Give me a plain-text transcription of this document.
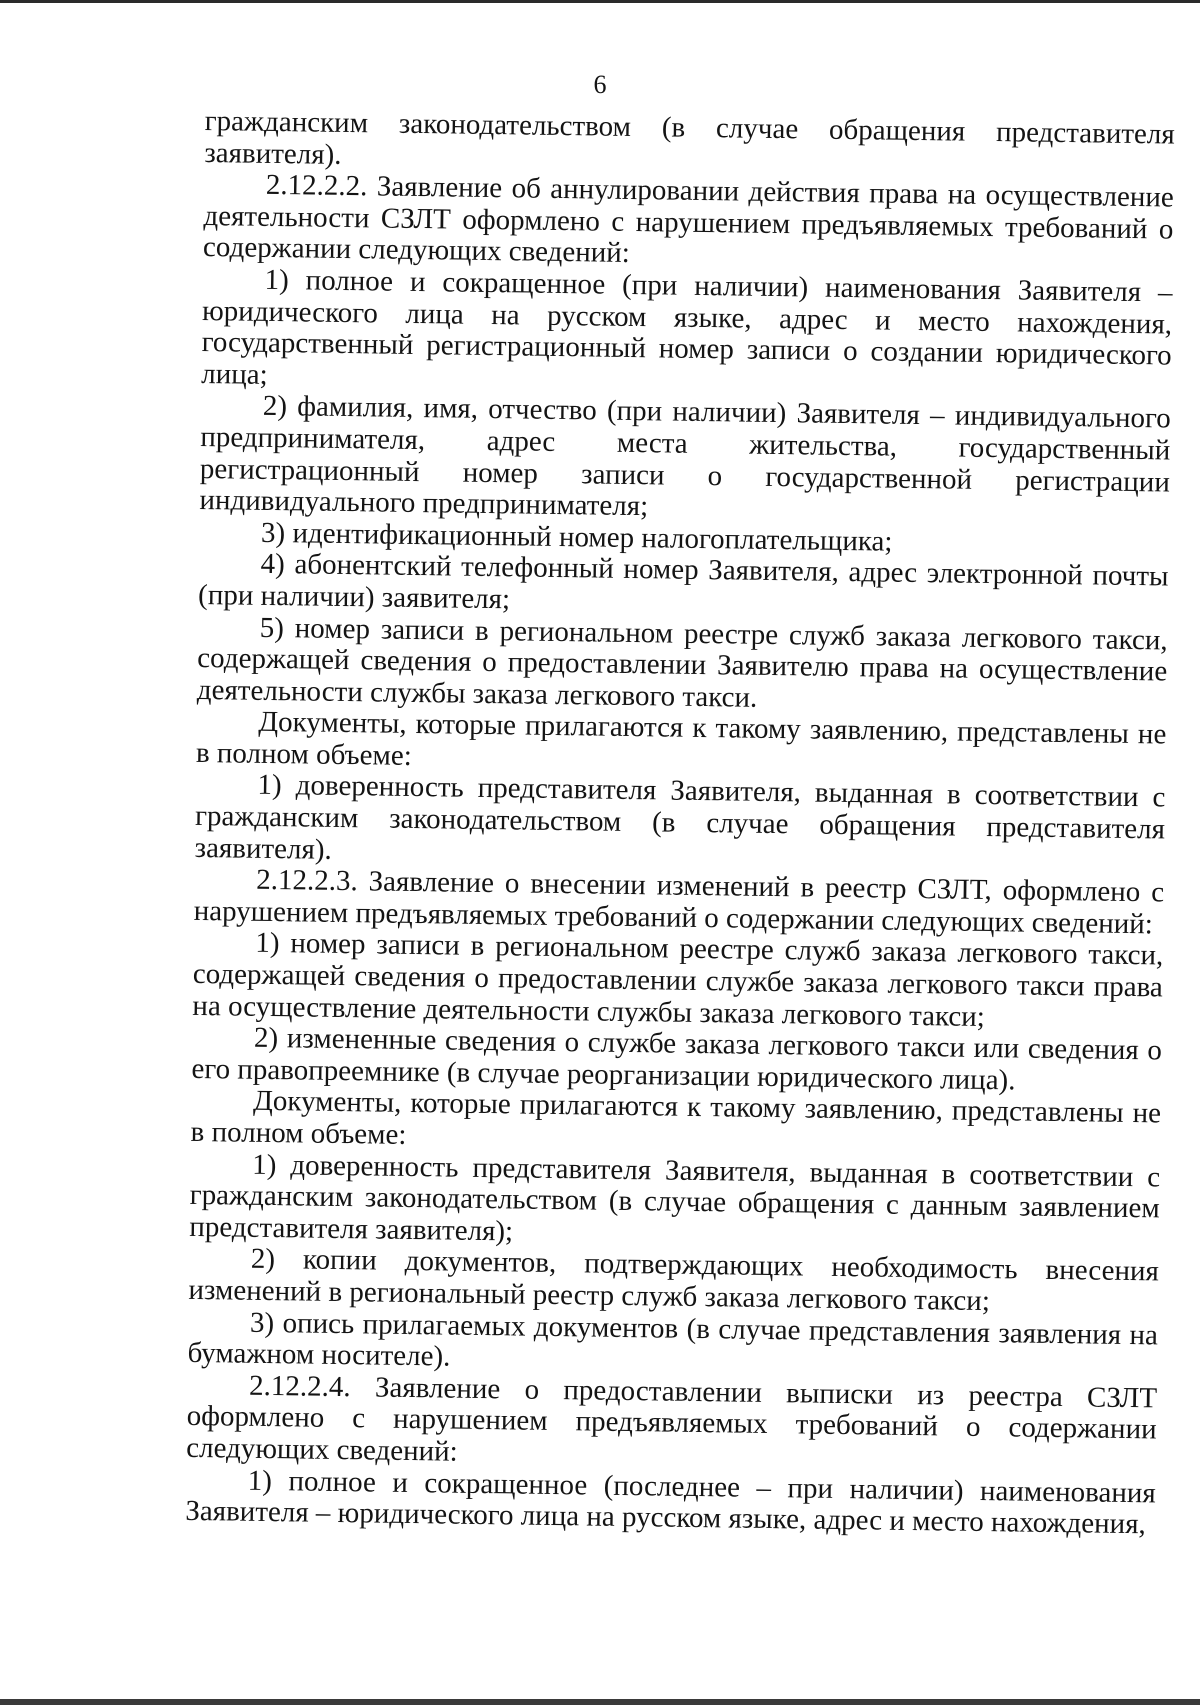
6

гражданским законодательством (в случае обращения представителя заявителя).

2.12.2.2. Заявление об аннулировании действия права на осуществление деятельности СЗЛТ оформлено с нарушением предъявляемых требований о содержании следующих сведений:

1) полное и сокращенное (при наличии) наименования Заявителя – юридического лица на русском языке, адрес и место нахождения, государственный регистрационный номер записи о создании юридического лица;

2) фамилия, имя, отчество (при наличии) Заявителя – индивидуального предпринимателя, адрес места жительства, государственный регистрационный номер записи о государственной регистрации индивидуального предпринимателя;

3) идентификационный номер налогоплательщика;

4) абонентский телефонный номер Заявителя, адрес электронной почты (при наличии) заявителя;

5) номер записи в региональном реестре служб заказа легкового такси, содержащей сведения о предоставлении Заявителю права на осуществление деятельности службы заказа легкового такси.

Документы, которые прилагаются к такому заявлению, представлены не в полном объеме:

1) доверенность представителя Заявителя, выданная в соответствии с гражданским законодательством (в случае обращения представителя заявителя).

2.12.2.3. Заявление о внесении изменений в реестр СЗЛТ, оформлено с нарушением предъявляемых требований о содержании следующих сведений:

1) номер записи в региональном реестре служб заказа легкового такси, содержащей сведения о предоставлении службе заказа легкового такси права на осуществление деятельности службы заказа легкового такси;

2) измененные сведения о службе заказа легкового такси или сведения о его правопреемнике (в случае реорганизации юридического лица).

Документы, которые прилагаются к такому заявлению, представлены не в полном объеме:

1) доверенность представителя Заявителя, выданная в соответствии с гражданским законодательством (в случае обращения с данным заявлением представителя заявителя);

2) копии документов, подтверждающих необходимость внесения изменений в региональный реестр служб заказа легкового такси;

3) опись прилагаемых документов (в случае представления заявления на бумажном носителе).

2.12.2.4. Заявление о предоставлении выписки из реестра СЗЛТ оформлено с нарушением предъявляемых требований о содержании следующих сведений:

1) полное и сокращенное (последнее – при наличии) наименования Заявителя – юридического лица на русском языке, адрес и место нахождения,
